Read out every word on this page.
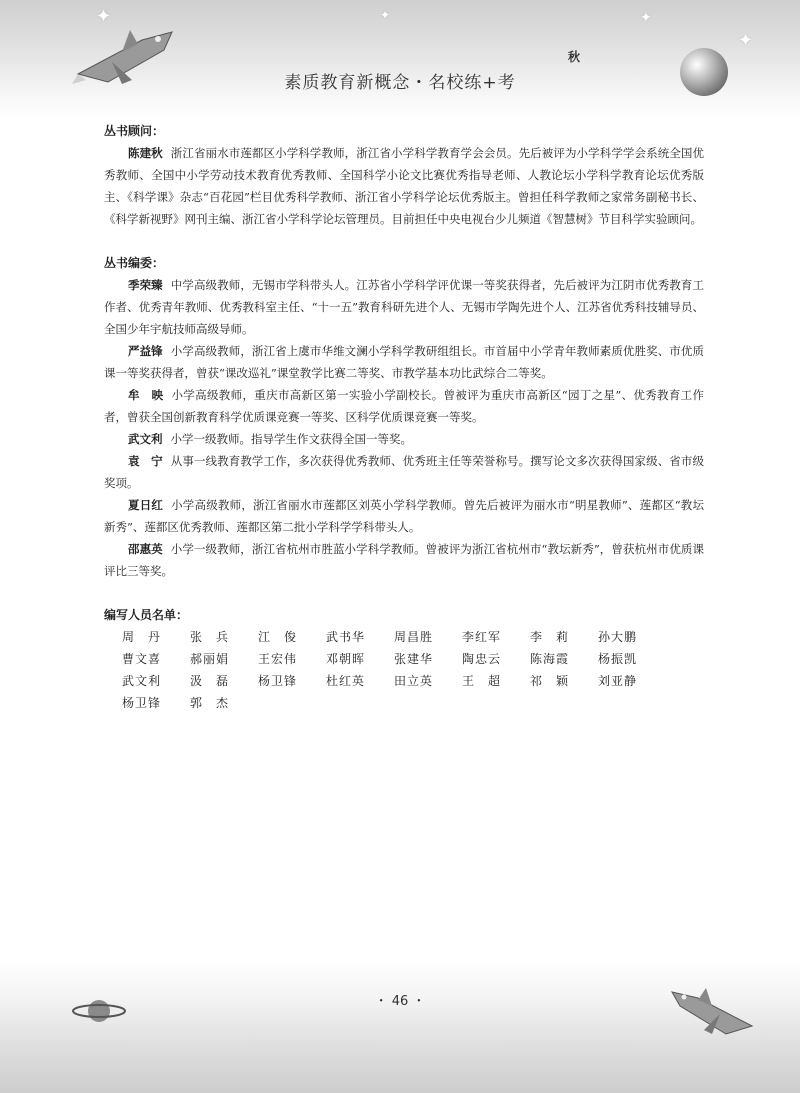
✦	✦	✦
✦
秋
素质教育新概念・名校练+考
丛书顾问：

陈建秋 浙江省丽水市莲都区小学科学教师，浙江省小学科学教育学会会员。先后被评为小学科学学会系统全国优秀教师、全国中小学劳动技术教育优秀教师、全国科学小论文比赛优秀指导老师、人教论坛小学科学教育论坛优秀版主、《科学课》杂志“百花园”栏目优秀科学教师、浙江省小学科学论坛优秀版主。曾担任科学教师之家常务副秘书长、《科学新视野》网刊主编、浙江省小学科学论坛管理员。目前担任中央电视台少儿频道《智慧树》节目科学实验顾问。

丛书编委：

季荣臻 中学高级教师，无锡市学科带头人。江苏省小学科学评优课一等奖获得者，先后被评为江阴市优秀教育工作者、优秀青年教师、优秀教科室主任、“十一五”教育科研先进个人、无锡市学陶先进个人、江苏省优秀科技辅导员、全国少年宇航技师高级导师。

严益锋 小学高级教师，浙江省上虞市华维文澜小学科学教研组组长。市首届中小学青年教师素质优胜奖、市优质课一等奖获得者，曾获“课改巡礼”课堂教学比赛二等奖、市教学基本功比武综合二等奖。

牟　映 小学高级教师，重庆市高新区第一实验小学副校长。曾被评为重庆市高新区“园丁之星”、优秀教育工作者，曾获全国创新教育科学优质课竞赛一等奖、区科学优质课竞赛一等奖。

武文利 小学一级教师。指导学生作文获得全国一等奖。

袁　宁 从事一线教育教学工作，多次获得优秀教师、优秀班主任等荣誉称号。撰写论文多次获得国家级、省市级奖项。

夏日红 小学高级教师，浙江省丽水市莲都区刘英小学科学教师。曾先后被评为丽水市“明星教师”、莲都区“教坛新秀”、莲都区优秀教师、莲都区第二批小学科学学科带头人。

邵惠英 小学一级教师，浙江省杭州市胜蓝小学科学教师。曾被评为浙江省杭州市“教坛新秀”，曾获杭州市优质课评比三等奖。

编写人员名单：
周　丹	张　兵	江　俊	武书华	周昌胜	李红军	李　莉	孙大鹏
曹文喜	郝丽娟	王宏伟	邓朝晖	张建华	陶忠云	陈海霞	杨振凯
武文利	汲　磊	杨卫锋	杜红英	田立英	王　超	祁　颖	刘亚静
杨卫锋	郭　杰						
・ 46 ・
